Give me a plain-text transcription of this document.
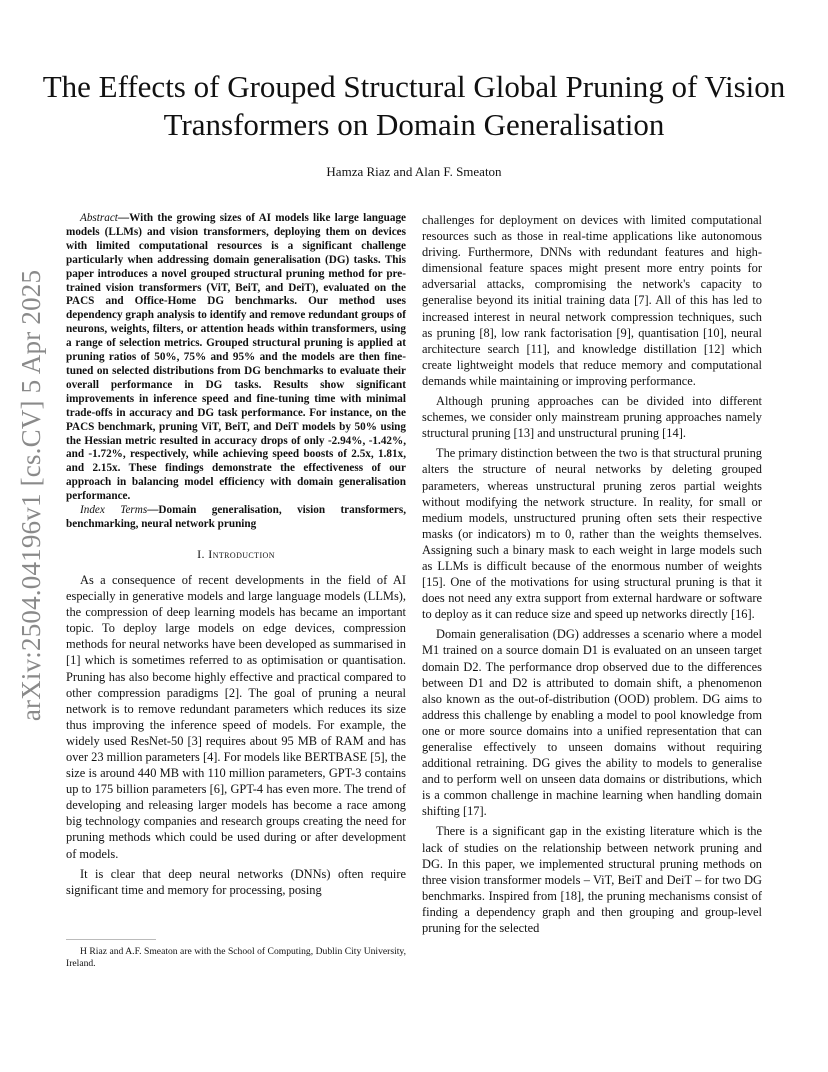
arXiv:2504.04196v1 [cs.CV] 5 Apr 2025
The Effects of Grouped Structural Global Pruning of Vision Transformers on Domain Generalisation
Hamza Riaz and Alan F. Smeaton

Abstract—With the growing sizes of AI models like large language models (LLMs) and vision transformers, deploying them on devices with limited computational resources is a significant challenge particularly when addressing domain generalisation (DG) tasks. This paper introduces a novel grouped structural pruning method for pre-trained vision transformers (ViT, BeiT, and DeiT), evaluated on the PACS and Office-Home DG benchmarks. Our method uses dependency graph analysis to identify and remove redundant groups of neurons, weights, filters, or attention heads within transformers, using a range of selection metrics. Grouped structural pruning is applied at pruning ratios of 50%, 75% and 95% and the models are then fine-tuned on selected distributions from DG benchmarks to evaluate their overall performance in DG tasks. Results show significant improvements in inference speed and fine-tuning time with minimal trade-offs in accuracy and DG task performance. For instance, on the PACS benchmark, pruning ViT, BeiT, and DeiT models by 50% using the Hessian metric resulted in accuracy drops of only -2.94%, -1.42%, and -1.72%, respectively, while achieving speed boosts of 2.5x, 1.81x, and 2.15x. These findings demonstrate the effectiveness of our approach in balancing model efficiency with domain generalisation performance.

Index Terms—Domain generalisation, vision transformers, benchmarking, neural network pruning

I. Introduction

As a consequence of recent developments in the field of AI especially in generative models and large language models (LLMs), the compression of deep learning models has became an important topic. To deploy large models on edge devices, compression methods for neural networks have been developed as summarised in [1] which is sometimes referred to as optimisation or quantisation. Pruning has also become highly effective and practical compared to other compression paradigms [2]. The goal of pruning a neural network is to remove redundant parameters which reduces its size thus improving the inference speed of models. For example, the widely used ResNet-50 [3] requires about 95 MB of RAM and has over 23 million parameters [4]. For models like BERTBASE [5], the size is around 440 MB with 110 million parameters, GPT-3 contains up to 175 billion parameters [6], GPT-4 has even more. The trend of developing and releasing larger models has become a race among big technology companies and research groups creating the need for pruning methods which could be used during or after development of models.

It is clear that deep neural networks (DNNs) often require significant time and memory for processing, posing

challenges for deployment on devices with limited computational resources such as those in real-time applications like autonomous driving. Furthermore, DNNs with redundant features and high-dimensional feature spaces might present more entry points for adversarial attacks, compromising the network's capacity to generalise beyond its initial training data [7]. All of this has led to increased interest in neural network compression techniques, such as pruning [8], low rank factorisation [9], quantisation [10], neural architecture search [11], and knowledge distillation [12] which create lightweight models that reduce memory and computational demands while maintaining or improving performance.

Although pruning approaches can be divided into different schemes, we consider only mainstream pruning approaches namely structural pruning [13] and unstructural pruning [14].

The primary distinction between the two is that structural pruning alters the structure of neural networks by deleting grouped parameters, whereas unstructural pruning zeros partial weights without modifying the network structure. In reality, for small or medium models, unstructured pruning often sets their respective masks (or indicators) m to 0, rather than the weights themselves. Assigning such a binary mask to each weight in large models such as LLMs is difficult because of the enormous number of weights [15]. One of the motivations for using structural pruning is that it does not need any extra support from external hardware or software to deploy as it can reduce size and speed up networks directly [16].

Domain generalisation (DG) addresses a scenario where a model M1 trained on a source domain D1 is evaluated on an unseen target domain D2. The performance drop observed due to the differences between D1 and D2 is attributed to domain shift, a phenomenon also known as the out-of-distribution (OOD) problem. DG aims to address this challenge by enabling a model to pool knowledge from one or more source domains into a unified representation that can generalise effectively to unseen domains without requiring additional retraining. DG gives the ability to models to generalise and to perform well on unseen data domains or distributions, which is a common challenge in machine learning when handling domain shifting [17].

There is a significant gap in the existing literature which is the lack of studies on the relationship between network pruning and DG. In this paper, we implemented structural pruning methods on three vision transformer models – ViT, BeiT and DeiT – for two DG benchmarks. Inspired from [18], the pruning mechanisms consist of finding a dependency graph and then grouping and group-level pruning for the selected

H Riaz and A.F. Smeaton are with the School of Computing, Dublin City University, Ireland.
